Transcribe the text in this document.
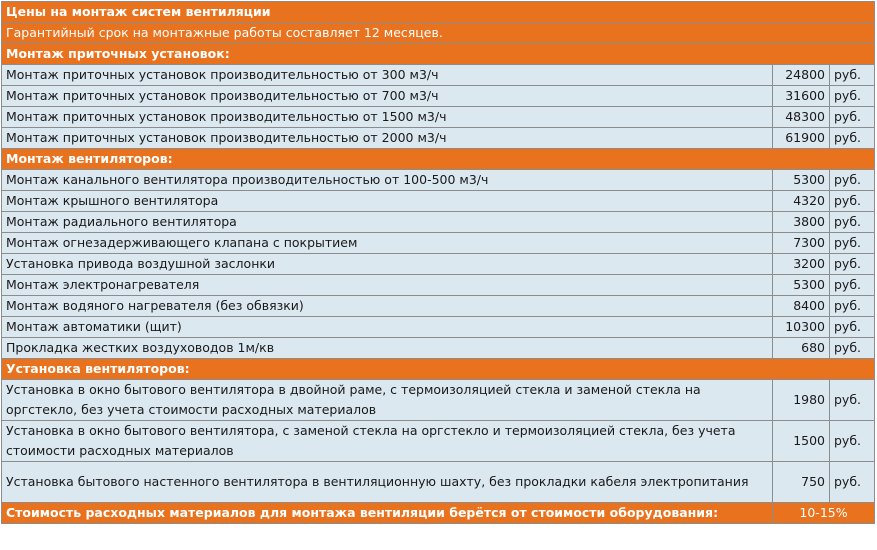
Цены на монтаж систем вентиляции		
Гарантийный срок на монтажные работы составляет 12 месяцев.		
Монтаж приточных установок:		
Монтаж приточных установок производительностью от 300 м3/ч	24800	руб.
Монтаж приточных установок производительностью от 700 м3/ч	31600	руб.
Монтаж приточных установок производительностью от 1500 м3/ч	48300	руб.
Монтаж приточных установок производительностью от 2000 м3/ч	61900	руб.
Монтаж вентиляторов:		
Монтаж канального вентилятора производительностью от 100-500 м3/ч	5300	руб.
Монтаж крышного вентилятора	4320	руб.
Монтаж радиального вентилятора	3800	руб.
Монтаж огнезадерживающего клапана с покрытием	7300	руб.
Установка привода воздушной заслонки	3200	руб.
Монтаж электронагревателя	5300	руб.
Монтаж водяного нагревателя (без обвязки)	8400	руб.
Монтаж автоматики (щит)	10300	руб.
Прокладка жестких воздуховодов 1м/кв	680	руб.
Установка вентиляторов:		
Установка в окно бытового вентилятора в двойной раме, с термоизоляцией стекла и заменой стекла на оргстекло, без учета стоимости расходных материалов	1980	руб.
Установка в окно бытового вентилятора, с заменой стекла на оргстекло и термоизоляцией стекла, без учета стоимости расходных материалов	1500	руб.
Установка бытового настенного вентилятора в вентиляционную шахту, без прокладки кабеля электропитания	750	руб.
Стоимость расходных материалов для монтажа вентиляции берётся от стоимости оборудования:	10-15%	
